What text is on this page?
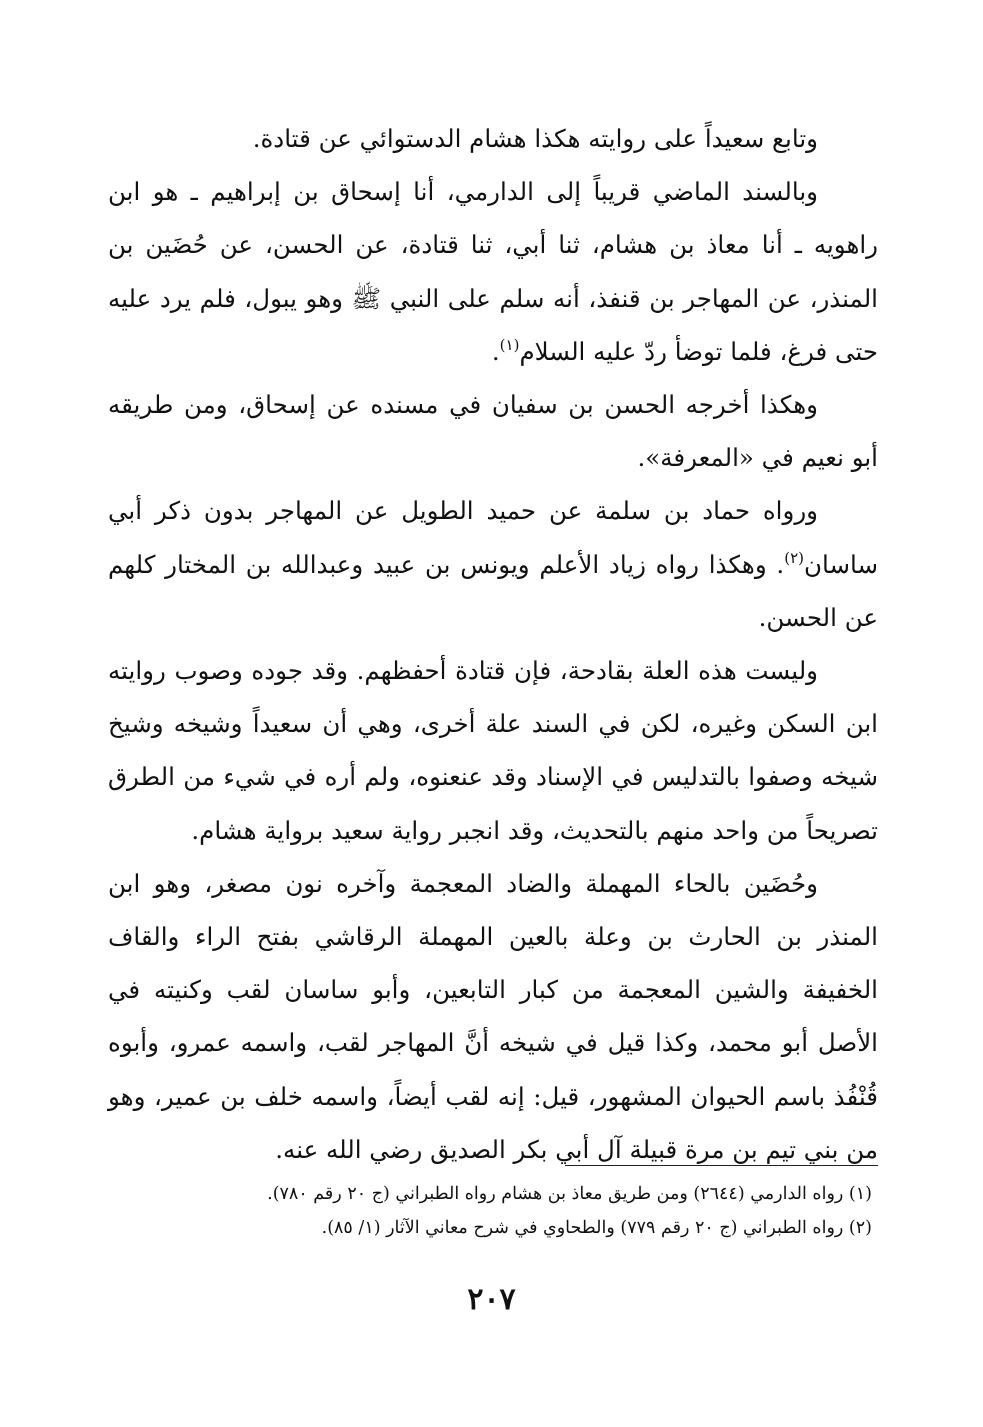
وتابع سعيداً على روايته هكذا هشام الدستوائي عن قتادة.

وبالسند الماضي قريباً إلى الدارمي، أنا إسحاق بن إبراهيم ـ هو ابن راهويه ـ أنا معاذ بن هشام، ثنا أبي، ثنا قتادة، عن الحسن، عن حُضَين بن المنذر، عن المهاجر بن قنفذ، أنه سلم على النبي ﷺ وهو يبول، فلم يرد عليه حتى فرغ، فلما توضأ ردّ عليه السلام$^{(١)}$.

وهكذا أخرجه الحسن بن سفيان في مسنده عن إسحاق، ومن طريقه أبو نعيم في «المعرفة».

ورواه حماد بن سلمة عن حميد الطويل عن المهاجر بدون ذكر أبي ساسان$^{(٢)}$. وهكذا رواه زياد الأعلم ويونس بن عبيد وعبدالله بن المختار كلهم عن الحسن.

وليست هذه العلة بقادحة، فإن قتادة أحفظهم. وقد جوده وصوب روايته ابن السكن وغيره، لكن في السند علة أخرى، وهي أن سعيداً وشيخه وشيخ شيخه وصفوا بالتدليس في الإسناد وقد عنعنوه، ولم أره في شيء من الطرق تصريحاً من واحد منهم بالتحديث، وقد انجبر رواية سعيد برواية هشام.

وحُضَين بالحاء المهملة والضاد المعجمة وآخره نون مصغر، وهو ابن المنذر بن الحارث بن وعلة بالعين المهملة الرقاشي بفتح الراء والقاف الخفيفة والشين المعجمة من كبار التابعين، وأبو ساسان لقب وكنيته في الأصل أبو محمد، وكذا قيل في شيخه أنَّ المهاجر لقب، واسمه عمرو، وأبوه قُنْفُذ باسم الحيوان المشهور، قيل: إنه لقب أيضاً، واسمه خلف بن عمير، وهو من بني تيم بن مرة قبيلة آل أبي بكر الصديق رضي الله عنه.

(١) رواه الدارمي (٢٦٤٤) ومن طريق معاذ بن هشام رواه الطبراني (ج ٢٠ رقم ٧٨٠).

(٢) رواه الطبراني (ج ٢٠ رقم ٧٧٩) والطحاوي في شرح معاني الآثار (١/ ٨٥).

٢٠٧
